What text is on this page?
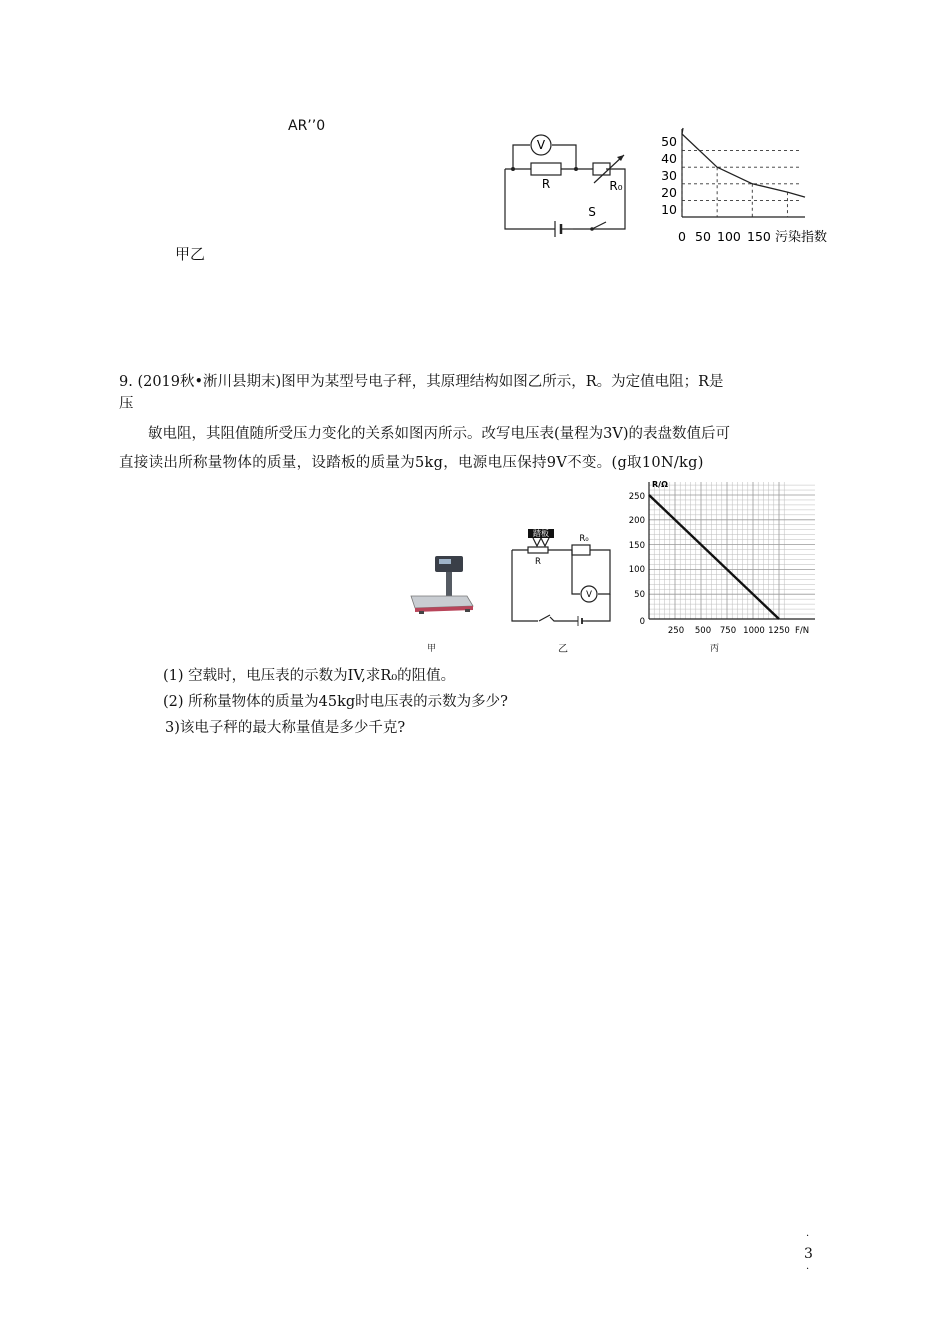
AR’’0
甲乙
V
R	R₀
S
50
40
30
20
10
0 50 100 150 污染指数
9. (2019秋•淅川县期末)图甲为某型号电子秤，其原理结构如图乙所示，R。为定值电阻；R是
压
敏电阻，其阻值随所受压力变化的关系如图丙所示。改写电压表(量程为3V)的表盘数值后可
直接读出所称量物体的质量，设踏板的质量为5kg，电源电压保持9V不变。(g取10N/kg)
甲
踏板
R
R₀
V
乙
R/Ω
F/N
250
200
150
100
50
0
250 500 750 1000 1250
丙
(1) 空载时，电压表的示数为IV,求R₀的阻值。
(2) 所称量物体的质量为45kg时电压表的示数为多少?
3)该电子秤的最大称量值是多少千克?
·
3
·
